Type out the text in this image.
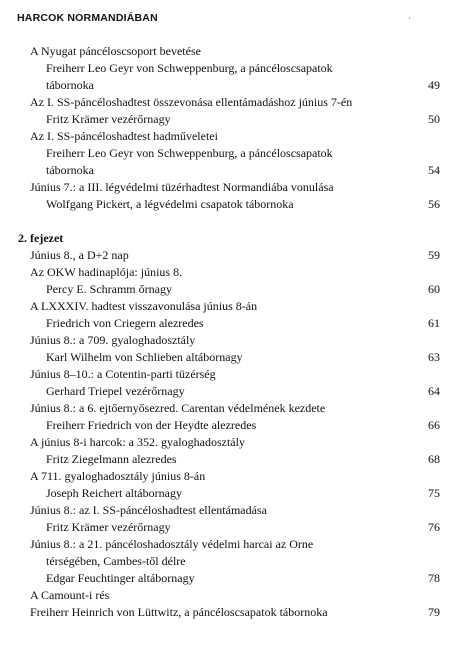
HARCOK NORMANDIÁBAN	·
A Nyugat páncéloscsoport bevetése
Freiherr Leo Geyr von Schweppenburg, a páncéloscsapatok
tábornoka	49
Az I. SS-páncéloshadtest összevonása ellentámadáshoz június 7-én
Fritz Krämer vezérőrnagy	50
Az I. SS-páncéloshadtest hadműveletei
Freiherr Leo Geyr von Schweppenburg, a páncéloscsapatok
tábornoka	54
Június 7.: a III. légvédelmi tüzérhadtest Normandiába vonulása
Wolfgang Pickert, a légvédelmi csapatok tábornoka	56
2. fejezet
Június 8., a D+2 nap	59
Az OKW hadinaplója: június 8.
Percy E. Schramm őrnagy	60
A LXXXIV. hadtest visszavonulása június 8-án
Friedrich von Criegern alezredes	61
Június 8.: a 709. gyaloghadosztály
Karl Wilhelm von Schlieben altábornagy	63
Június 8–10.: a Cotentin-parti tüzérség
Gerhard Triepel vezérőrnagy	64
Június 8.: a 6. ejtőernyősezred. Carentan védelmének kezdete
Freiherr Friedrich von der Heydte alezredes	66
A június 8-i harcok: a 352. gyaloghadosztály
Fritz Ziegelmann alezredes	68
A 711. gyaloghadosztály június 8-án
Joseph Reichert altábornagy	75
Június 8.: az I. SS-páncéloshadtest ellentámadása
Fritz Krämer vezérőrnagy	76
Június 8.: a 21. páncéloshadosztály védelmi harcai az Orne
térségében, Cambes-től délre
Edgar Feuchtinger altábornagy	78
A Camount-i rés
Freiherr Heinrich von Lüttwitz, a páncéloscsapatok tábornoka	79
